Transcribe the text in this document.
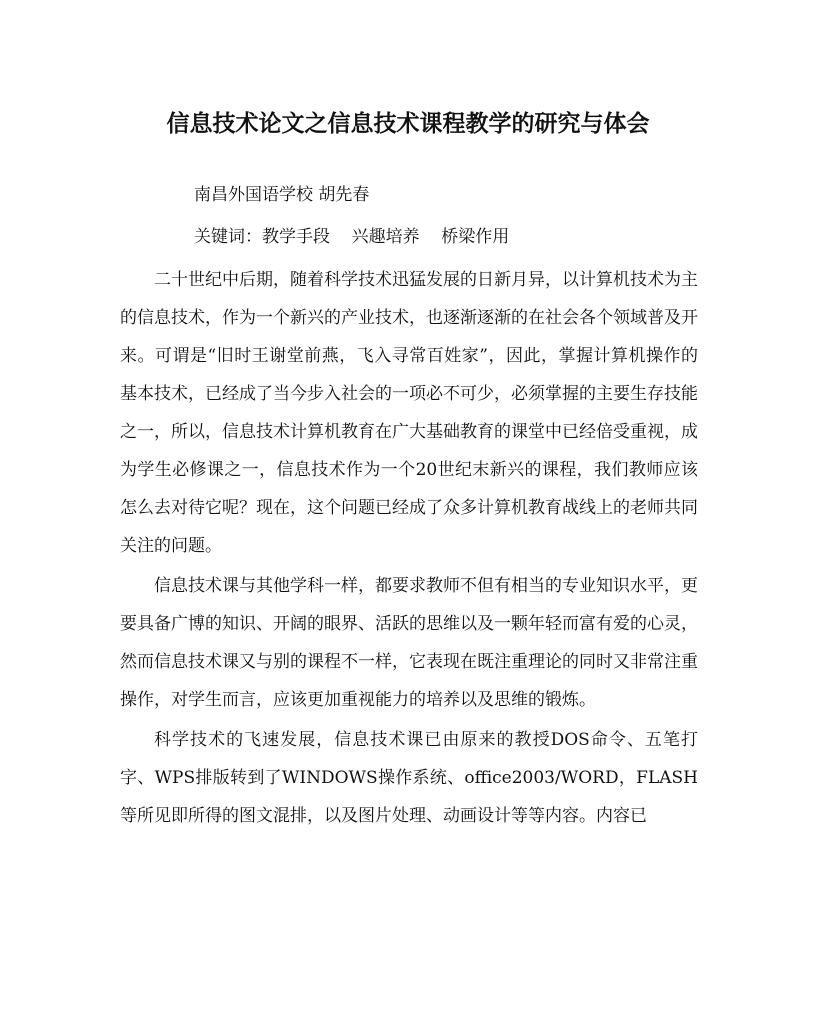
信息技术论文之信息技术课程教学的研究与体会

南昌外国语学校 胡先春

关键词：教学手段    兴趣培养    桥梁作用

二十世纪中后期，随着科学技术迅猛发展的日新月异，以计算机技术为主的信息技术，作为一个新兴的产业技术，也逐渐逐渐的在社会各个领域普及开来。可谓是“旧时王谢堂前燕，飞入寻常百姓家”，因此，掌握计算机操作的基本技术，已经成了当今步入社会的一项必不可少，必须掌握的主要生存技能之一，所以，信息技术计算机教育在广大基础教育的课堂中已经倍受重视，成为学生必修课之一，信息技术作为一个20世纪末新兴的课程，我们教师应该怎么去对待它呢？现在，这个问题已经成了众多计算机教育战线上的老师共同关注的问题。

信息技术课与其他学科一样，都要求教师不但有相当的专业知识水平，更要具备广博的知识、开阔的眼界、活跃的思维以及一颗年轻而富有爱的心灵，然而信息技术课又与别的课程不一样，它表现在既注重理论的同时又非常注重操作，对学生而言，应该更加重视能力的培养以及思维的锻炼。

科学技术的飞速发展，信息技术课已由原来的教授DOS命令、五笔打字、WPS排版转到了WINDOWS操作系统、office2003/WORD，FLASH等所见即所得的图文混排，以及图片处理、动画设计等等内容。内容已
